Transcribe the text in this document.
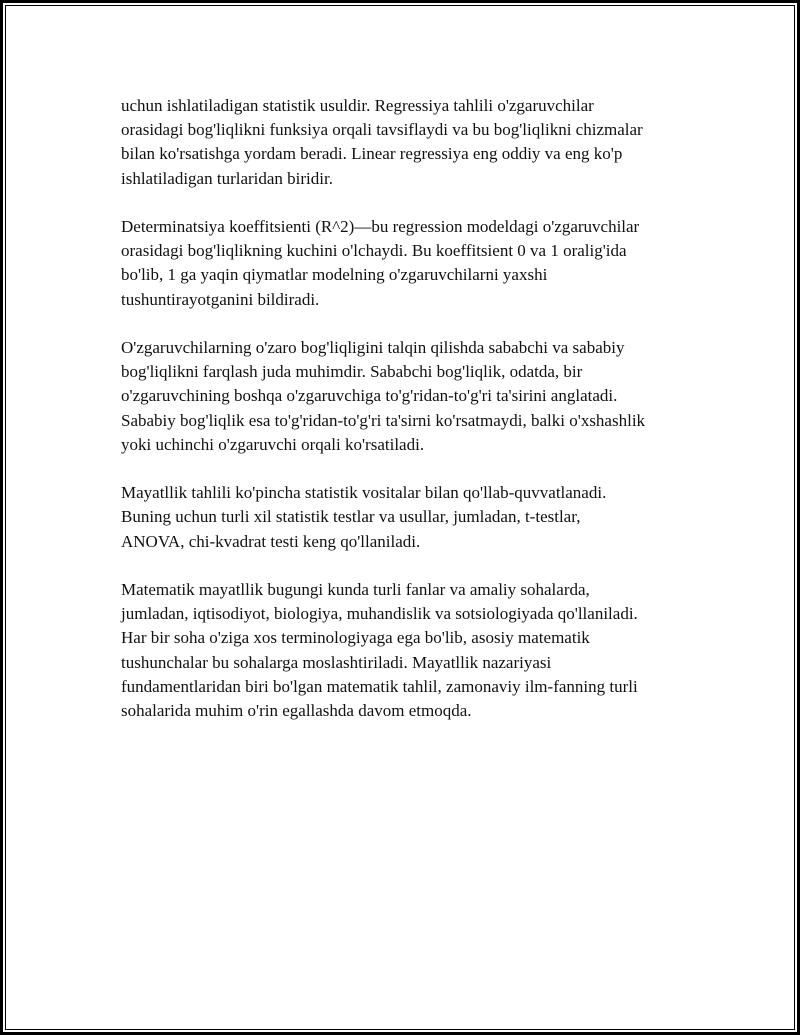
uchun ishlatiladigan statistik usuldir. Regressiya tahlili o'zgaruvchilar
orasidagi bog'liqlikni funksiya orqali tavsiflaydi va bu bog'liqlikni chizmalar
bilan ko'rsatishga yordam beradi. Linear regressiya eng oddiy va eng ko'p
ishlatiladigan turlaridan biridir.

Determinatsiya koeffitsienti (R^2)—bu regression modeldagi o'zgaruvchilar
orasidagi bog'liqlikning kuchini o'lchaydi. Bu koeffitsient 0 va 1 oralig'ida
bo'lib, 1 ga yaqin qiymatlar modelning o'zgaruvchilarni yaxshi
tushuntirayotganini bildiradi.

O'zgaruvchilarning o'zaro bog'liqligini talqin qilishda sababchi va sababiy
bog'liqlikni farqlash juda muhimdir. Sababchi bog'liqlik, odatda, bir
o'zgaruvchining boshqa o'zgaruvchiga to'g'ridan-to'g'ri ta'sirini anglatadi.
Sababiy bog'liqlik esa to'g'ridan-to'g'ri ta'sirni ko'rsatmaydi, balki o'xshashlik
yoki uchinchi o'zgaruvchi orqali ko'rsatiladi.

Mayatllik tahlili ko'pincha statistik vositalar bilan qo'llab-quvvatlanadi.
Buning uchun turli xil statistik testlar va usullar, jumladan, t-testlar,
ANOVA, chi-kvadrat testi keng qo'llaniladi.

Matematik mayatllik bugungi kunda turli fanlar va amaliy sohalarda,
jumladan, iqtisodiyot, biologiya, muhandislik va sotsiologiyada qo'llaniladi.
Har bir soha o'ziga xos terminologiyaga ega bo'lib, asosiy matematik
tushunchalar bu sohalarga moslashtiriladi. Mayatllik nazariyasi
fundamentlaridan biri bo'lgan matematik tahlil, zamonaviy ilm-fanning turli
sohalarida muhim o'rin egallashda davom etmoqda.
